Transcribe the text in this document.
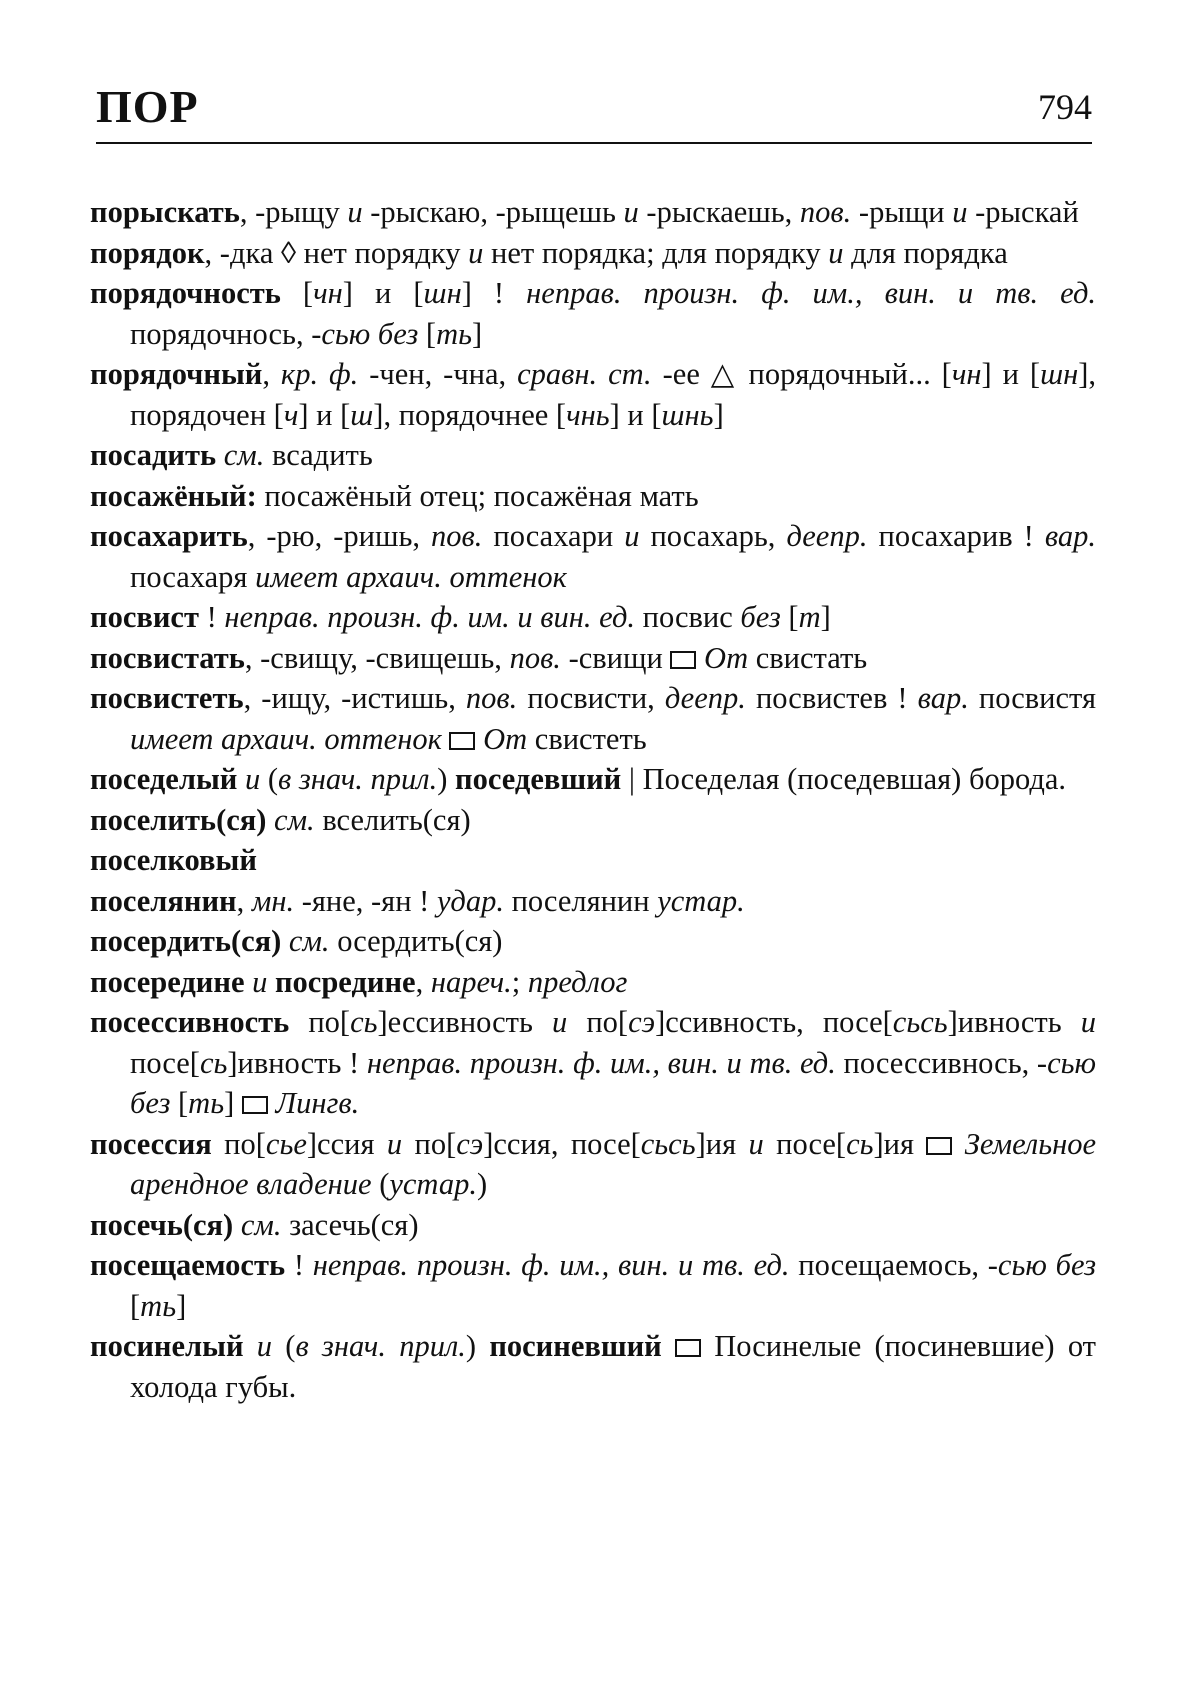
ПОР	794
порыскать, -рыщу и -рыскаю, -рыщешь и -рыскаешь, пов. -рыщи и -рыскай
порядок, -дка ◊ нет порядку и нет порядка; для порядку и для порядка
порядочность [чн] и [шн] ! неправ. произн. ф. им., вин. и тв. ед. порядочнось, -сью без [ть]
порядочный, кр. ф. -чен, -чна, сравн. ст. -ее △ порядочный... [чн] и [шн], порядочен [ч] и [ш], порядочнее [чнь] и [шнь]
посадить см. всадить
посажёный: посажёный отец; посажёная мать
посахарить, -рю, -ришь, пов. посахари и посахарь, деепр. посахарив ! вар. посахаря имеет архаич. оттенок
посвист ! неправ. произн. ф. им. и вин. ед. посвис без [т]
посвистать, -свищу, -свищешь, пов. -свищи  От свистать
посвистеть, -ищу, -истишь, пов. посвисти, деепр. посвистев ! вар. посвистя имеет архаич. оттенок От свистеть
поседелый и (в знач. прил.) поседевший | Поседелая (поседевшая) борода.
поселить(ся) см. вселить(ся)
поселковый
поселянин, мн. -яне, -ян ! удар. поселянин устар.
посердить(ся) см. осердить(ся)
посередине и посредине, нареч.; предлог
посессивность по[сь]ессивность и по[сэ]ссивность, посе[сьсь]ивность и посе[сь]ивность ! неправ. произн. ф. им., вин. и тв. ед. посессивнось, -сью без [ть]  Лингв.
посессия по[сье]ссия и по[сэ]ссия, посе[сьсь]ия и посе[сь]ия  Земельное арендное владение (устар.)
посечь(ся) см. засечь(ся)
посещаемость ! неправ. произн. ф. им., вин. и тв. ед. посещаемось, -сью без [ть]
посинелый и (в знач. прил.) посиневший  Посинелые (посиневшие) от холода губы.
